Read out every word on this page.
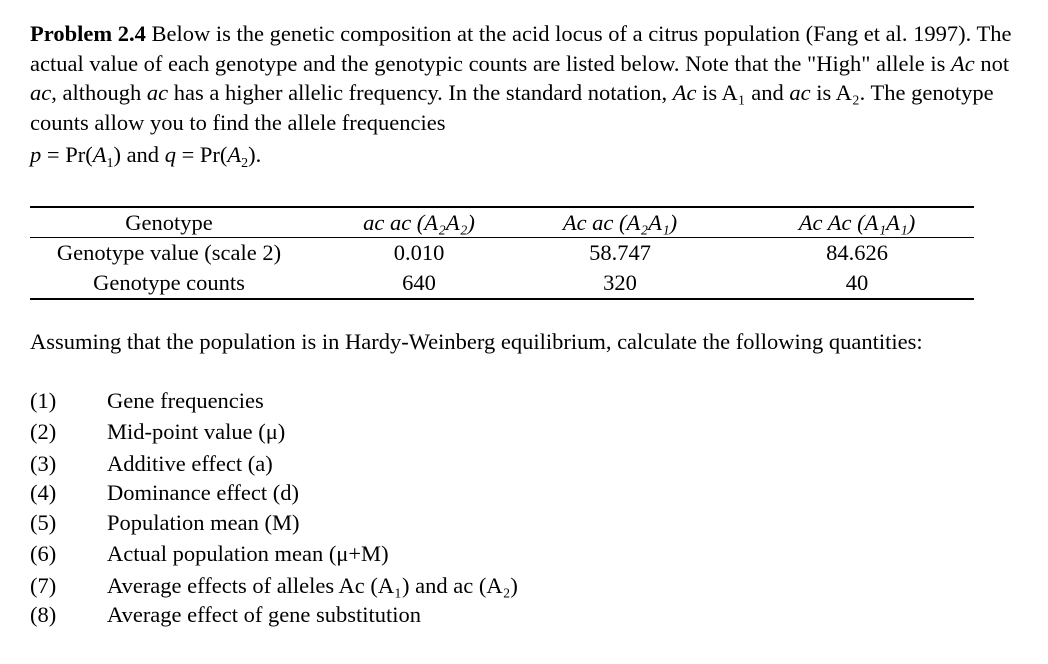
Problem 2.4 Below is the genetic composition at the acid locus of a citrus population (Fang et al. 1997). The actual value of each genotype and the genotypic counts are listed below. Note that the "High" allele is Ac not ac, although ac has a higher allelic frequency. In the standard notation, Ac is A₁ and ac is A₂. The genotype counts allow you to find the allele frequencies

$p = Pr(A_1)$ and $q = Pr(A_2)$.
Genotype	ac ac (A₂A₂)	Ac ac (A₂A₁)	Ac Ac (A₁A₁)
Genotype value (scale 2)	0.010	58.747	84.626
Genotype counts	640	320	40

Assuming that the population is in Hardy-Weinberg equilibrium, calculate the following quantities:

(1) Gene frequencies
(2) Mid-point value (μ)
(3) Additive effect (a)
(4) Dominance effect (d)
(5) Population mean (M)
(6) Actual population mean (μ+M)
(7) Average effects of alleles Ac (A₁) and ac (A₂)
(8) Average effect of gene substitution
